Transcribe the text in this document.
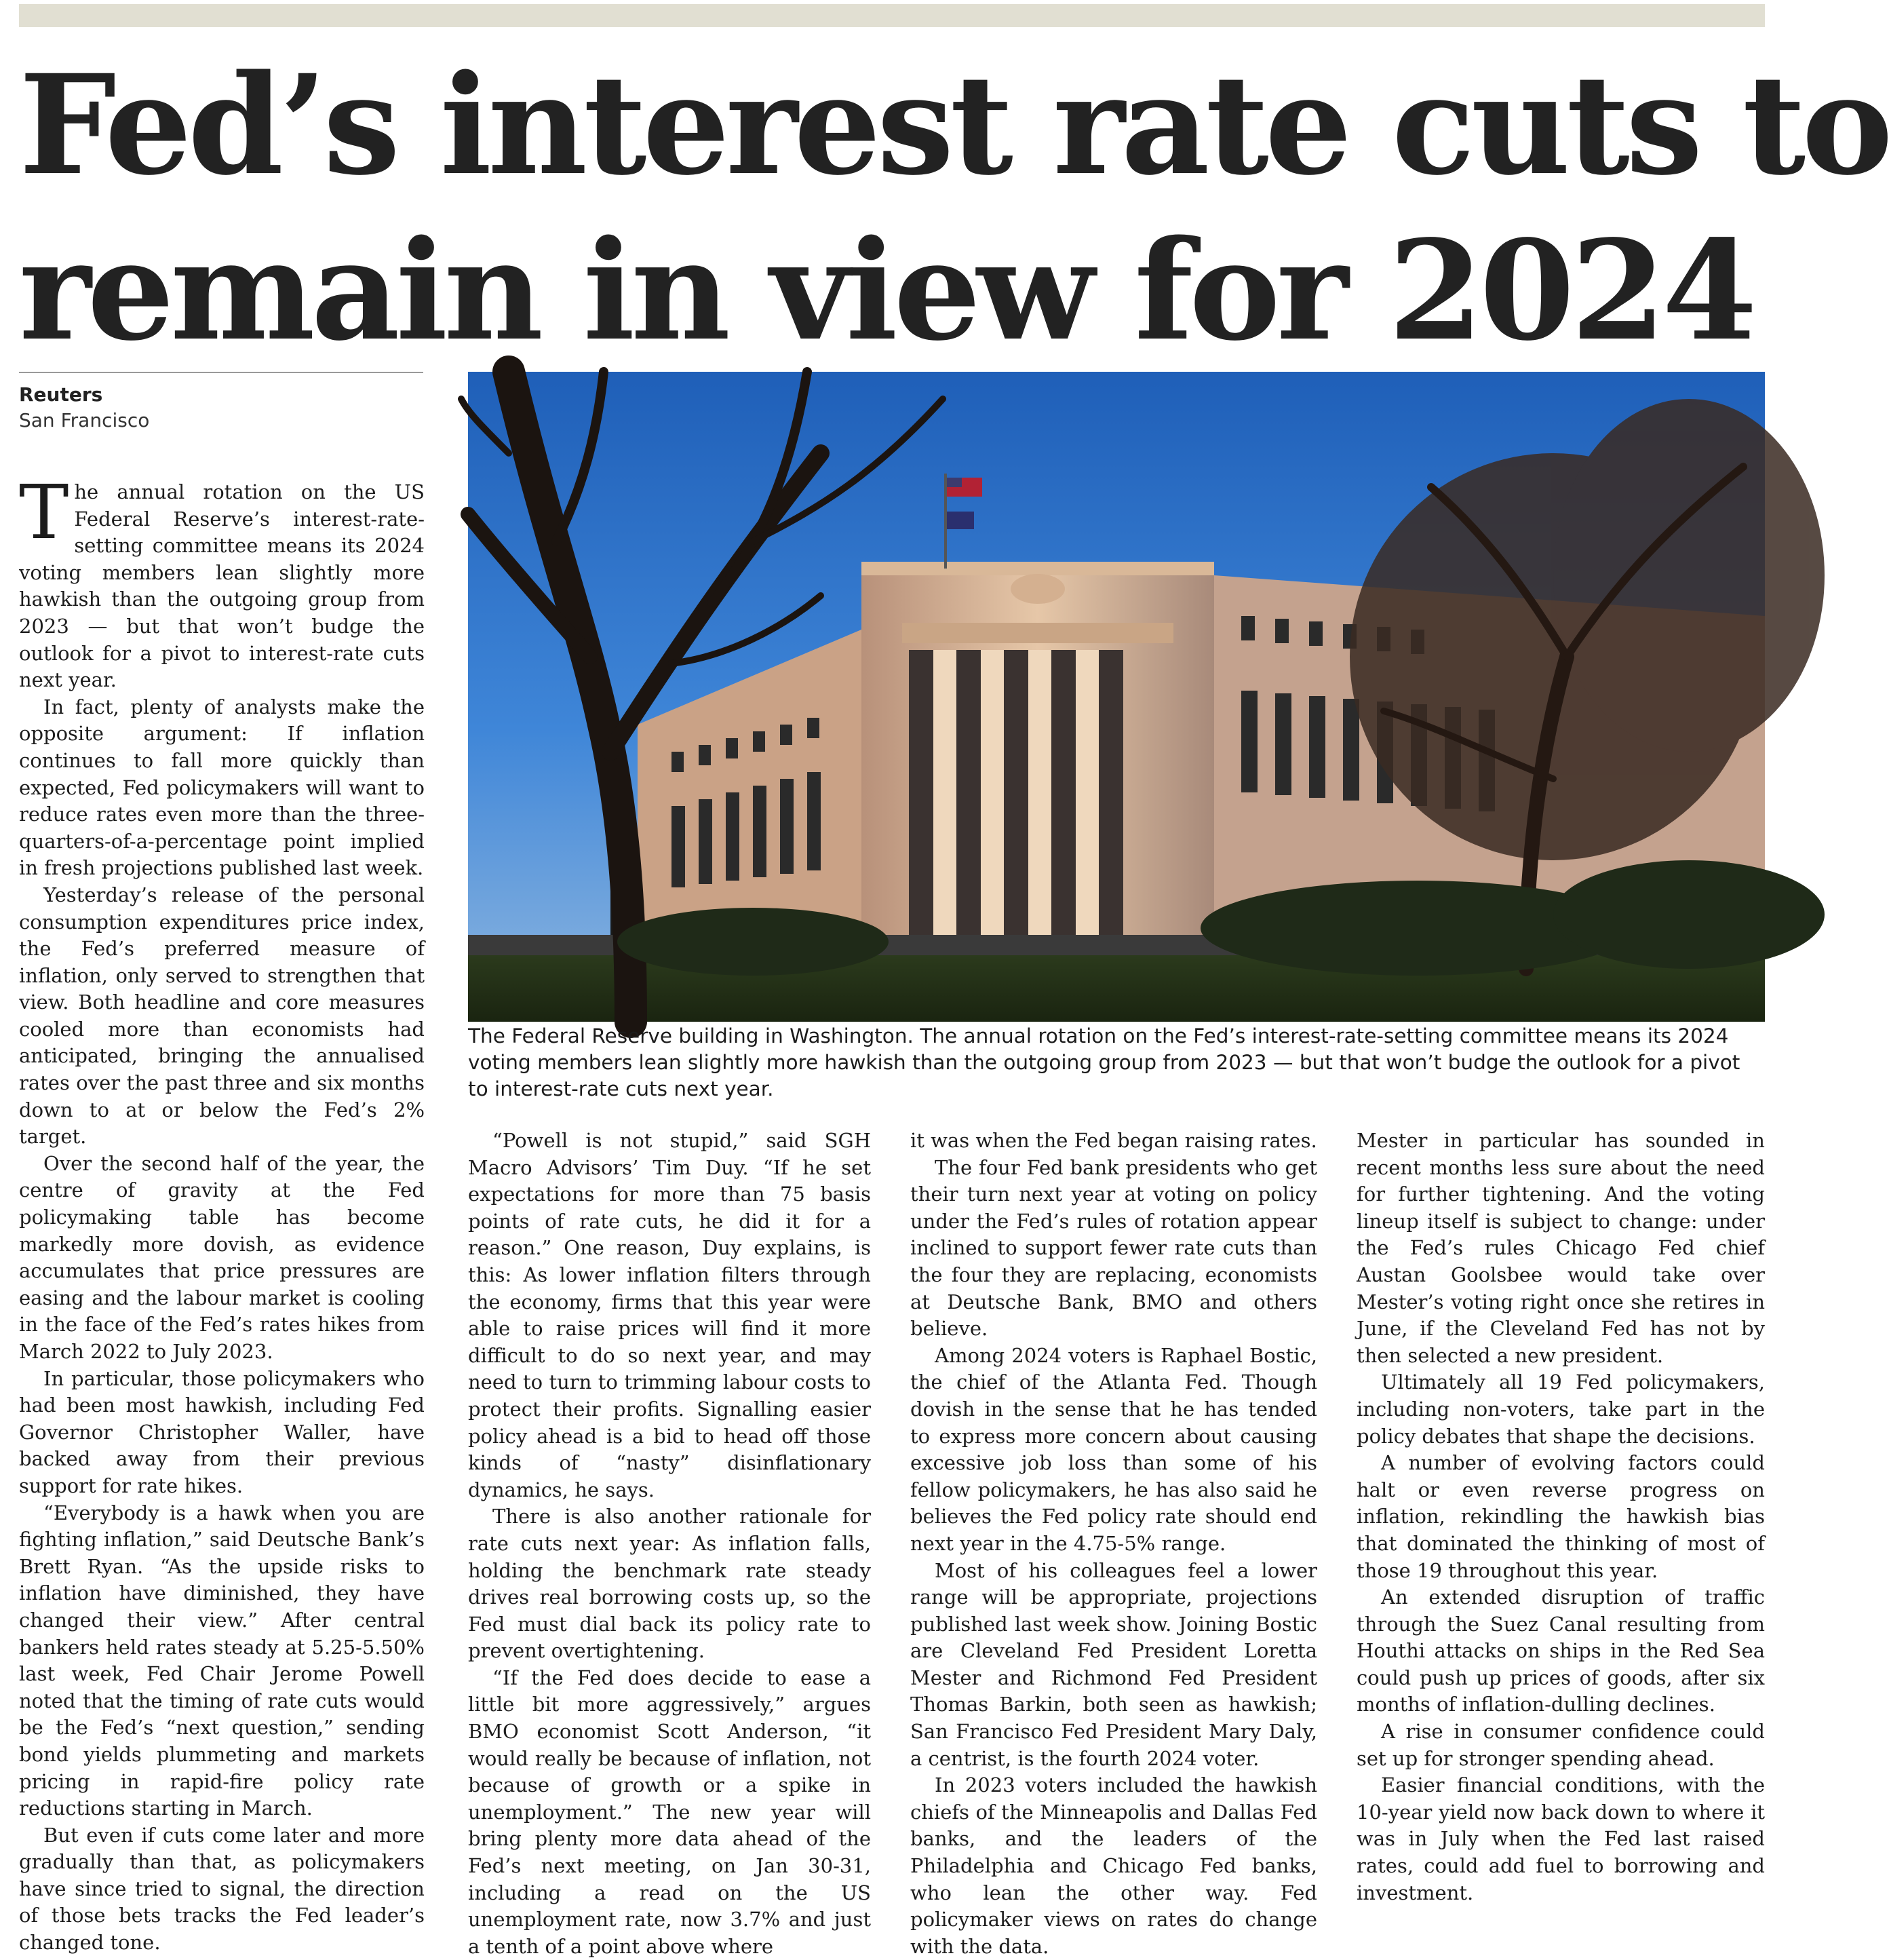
Fed’s interest rate cuts to
remain in view for 2024
Reuters
San Francisco
The Federal Reserve building in Washington. The annual rotation on the Fed’s interest-rate-setting committee means its 2024 voting members lean slightly more hawkish than the outgoing group from 2023 — but that won’t budge the outlook for a pivot to interest-rate cuts next year.

The annual rotation on the US Federal Reserve’s interest-rate-setting committee means its 2024 voting members lean slightly more hawkish than the outgoing group from 2023 — but that won’t budge the outlook for a pivot to interest-rate cuts next year.

In fact, plenty of analysts make the opposite argument: If inflation continues to fall more quickly than expected, Fed policymakers will want to reduce rates even more than the three-quarters-of-a-percentage point implied in fresh projections published last week.

Yesterday’s release of the personal consumption expenditures price index, the Fed’s preferred measure of inflation, only served to strengthen that view. Both headline and core measures cooled more than economists had anticipated, bringing the annualised rates over the past three and six months down to at or below the Fed’s 2% target.

Over the second half of the year, the centre of gravity at the Fed policymaking table has become markedly more dovish, as evidence accumulates that price pressures are easing and the labour market is cooling in the face of the Fed’s rates hikes from March 2022 to July 2023.

In particular, those policymakers who had been most hawkish, including Fed Governor Christopher Waller, have backed away from their previous support for rate hikes.

“Everybody is a hawk when you are fighting inflation,” said Deutsche Bank’s Brett Ryan. “As the upside risks to inflation have diminished, they have changed their view.” After central bankers held rates steady at 5.25-5.50% last week, Fed Chair Jerome Powell noted that the timing of rate cuts would be the Fed’s “next question,” sending bond yields plummeting and markets pricing in rapid-fire policy rate reductions starting in March.

But even if cuts come later and more gradually than that, as policymakers have since tried to signal, the direction of those bets tracks the Fed leader’s changed tone.

“Powell is not stupid,” said SGH Macro Advisors’ Tim Duy. “If he set expectations for more than 75 basis points of rate cuts, he did it for a reason.” One reason, Duy explains, is this: As lower inflation filters through the economy, firms that this year were able to raise prices will find it more difficult to do so next year, and may need to turn to trimming labour costs to protect their profits. Signalling easier policy ahead is a bid to head off those kinds of “nasty” disinflationary dynamics, he says.

There is also another rationale for rate cuts next year: As inflation falls, holding the benchmark rate steady drives real borrowing costs up, so the Fed must dial back its policy rate to prevent overtightening.

“If the Fed does decide to ease a little bit more aggressively,” argues BMO economist Scott Anderson, “it would really be because of inflation, not because of growth or a spike in unemployment.” The new year will bring plenty more data ahead of the Fed’s next meeting, on Jan 30-31, including a read on the US unemployment rate, now 3.7% and just a tenth of a point above where

it was when the Fed began raising rates.

The four Fed bank presidents who get their turn next year at voting on policy under the Fed’s rules of rotation appear inclined to support fewer rate cuts than the four they are replacing, economists at Deutsche Bank, BMO and others believe.

Among 2024 voters is Raphael Bostic, the chief of the Atlanta Fed. Though dovish in the sense that he has tended to express more concern about causing excessive job loss than some of his fellow policymakers, he has also said he believes the Fed policy rate should end next year in the 4.75-5% range.

Most of his colleagues feel a lower range will be appropriate, projections published last week show. Joining Bostic are Cleveland Fed President Loretta Mester and Richmond Fed President Thomas Barkin, both seen as hawkish; San Francisco Fed President Mary Daly, a centrist, is the fourth 2024 voter.

In 2023 voters included the hawkish chiefs of the Minneapolis and Dallas Fed banks, and the leaders of the Philadelphia and Chicago Fed banks, who lean the other way. Fed policymaker views on rates do change with the data.

Mester in particular has sounded in recent months less sure about the need for further tightening. And the voting lineup itself is subject to change: under the Fed’s rules Chicago Fed chief Austan Goolsbee would take over Mester’s voting right once she retires in June, if the Cleveland Fed has not by then selected a new president.

Ultimately all 19 Fed policymakers, including non-voters, take part in the policy debates that shape the decisions.

A number of evolving factors could halt or even reverse progress on inflation, rekindling the hawkish bias that dominated the thinking of most of those 19 throughout this year.

An extended disruption of traffic through the Suez Canal resulting from Houthi attacks on ships in the Red Sea could push up prices of goods, after six months of inflation-dulling declines.

A rise in consumer confidence could set up for stronger spending ahead.

Easier financial conditions, with the 10-year yield now back down to where it was in July when the Fed last raised rates, could add fuel to borrowing and investment.
